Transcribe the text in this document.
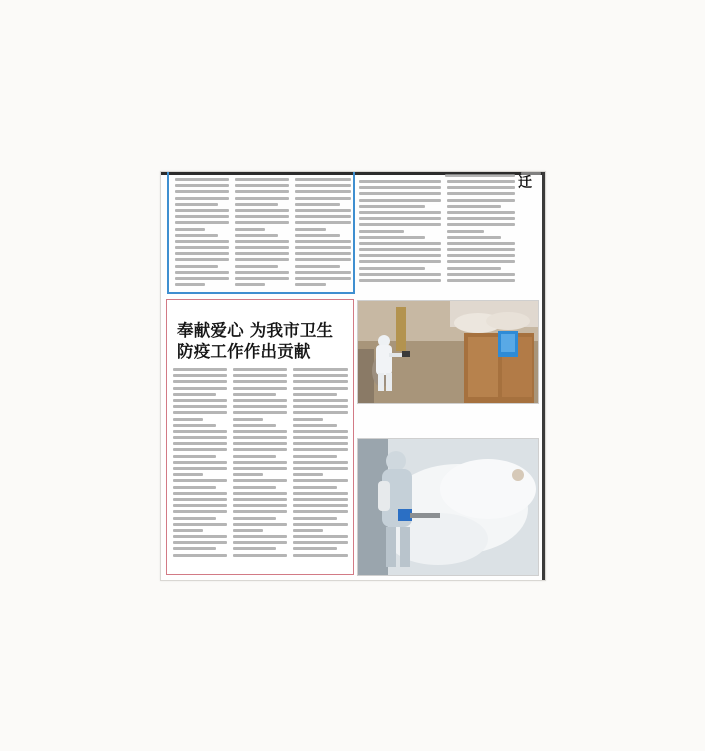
迁
奉献爱心 为我市卫生
防疫工作作出贡献
